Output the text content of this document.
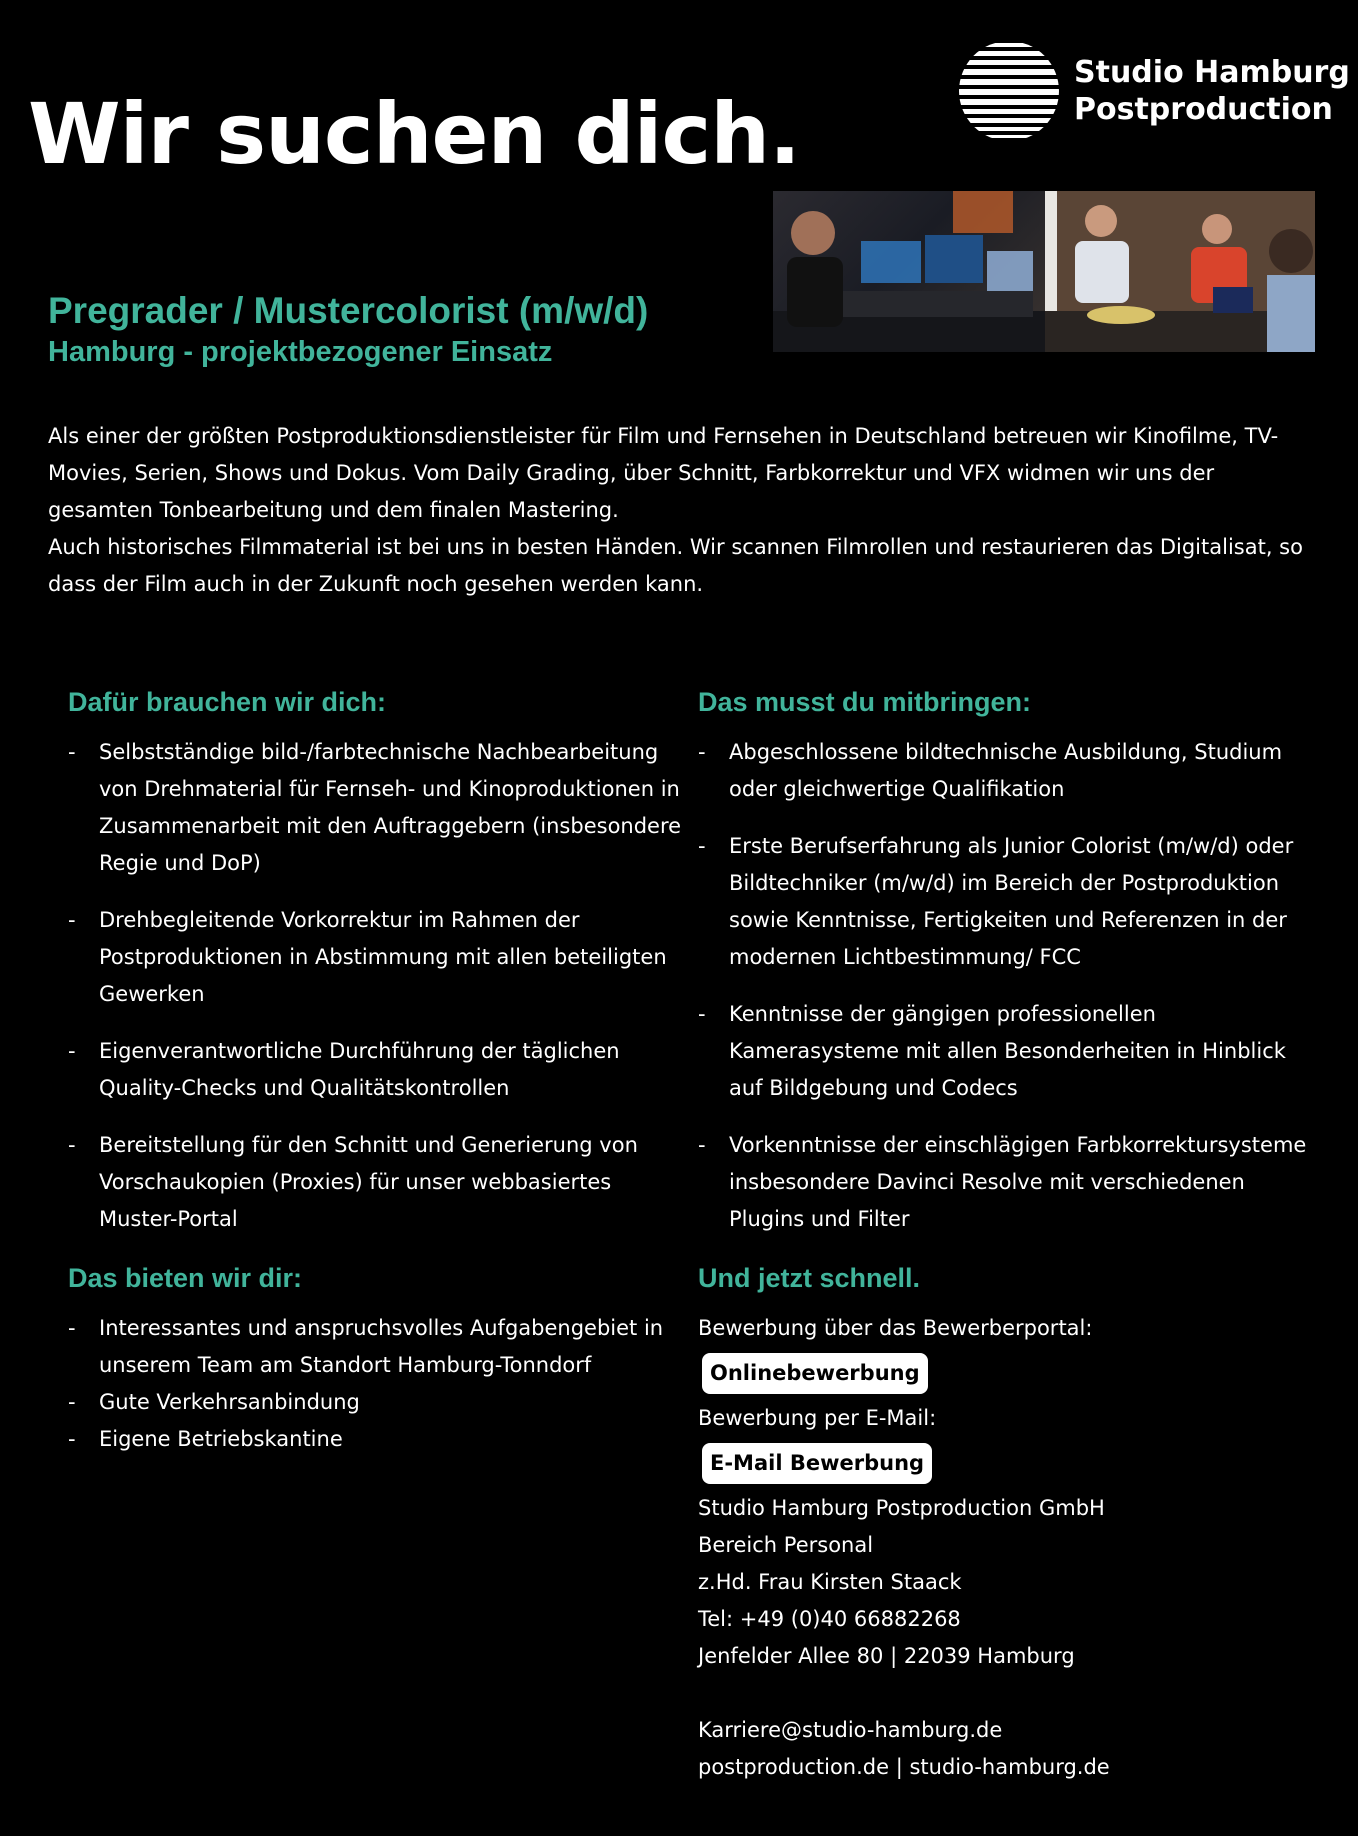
Wir suchen dich.
Studio Hamburg
Postproduction
Pregrader / Mustercolorist (m/w/d)
Hamburg - projektbezogener Einsatz

Als einer der größten Postproduktionsdienstleister für Film und Fernsehen in Deutschland betreuen wir Kinofilme, TV-Movies, Serien, Shows und Dokus. Vom Daily Grading, über Schnitt, Farbkorrektur und VFX widmen wir uns der gesamten Tonbearbeitung und dem finalen Mastering.

Auch historisches Filmmaterial ist bei uns in besten Händen. Wir scannen Filmrollen und restaurieren das Digitalisat, so dass der Film auch in der Zukunft noch gesehen werden kann.

Dafür brauchen wir dich:
- Selbstständige bild-/farbtechnische Nachbearbeitung von Drehmaterial für Fernseh- und Kinoproduktionen in Zusammenarbeit mit den Auftraggebern (insbesondere Regie und DoP)
- Drehbegleitende Vorkorrektur im Rahmen der Postproduktionen in Abstimmung mit allen beteiligten Gewerken
- Eigenverantwortliche Durchführung der täglichen Quality-Checks und Qualitätskontrollen
- Bereitstellung für den Schnitt und Generierung von Vorschaukopien (Proxies) für unser webbasiertes Muster-Portal
Das musst du mitbringen:
- Abgeschlossene bildtechnische Ausbildung, Studium oder gleichwertige Qualifikation
- Erste Berufserfahrung als Junior Colorist (m/w/d) oder Bildtechniker (m/w/d) im Bereich der Postproduktion sowie Kenntnisse, Fertigkeiten und Referenzen in der modernen Lichtbestimmung/ FCC
- Kenntnisse der gängigen professionellen Kamerasysteme mit allen Besonderheiten in Hinblick auf Bildgebung und Codecs
- Vorkenntnisse der einschlägigen Farbkorrektursysteme insbesondere Davinci Resolve mit verschiedenen Plugins und Filter
Das bieten wir dir:
- Interessantes und anspruchsvolles Aufgabengebiet in unserem Team am Standort Hamburg-Tonndorf
- Gute Verkehrsanbindung
- Eigene Betriebskantine
Und jetzt schnell.

Bewerbung über das Bewerberportal:

Onlinebewerbung

Bewerbung per E-Mail:

E-Mail Bewerbung

Studio Hamburg Postproduction GmbH

Bereich Personal

z.Hd. Frau Kirsten Staack

Tel: +49 (0)40 66882268

Jenfelder Allee 80 | 22039 Hamburg

Karriere@studio-hamburg.de

postproduction.de | studio-hamburg.de
